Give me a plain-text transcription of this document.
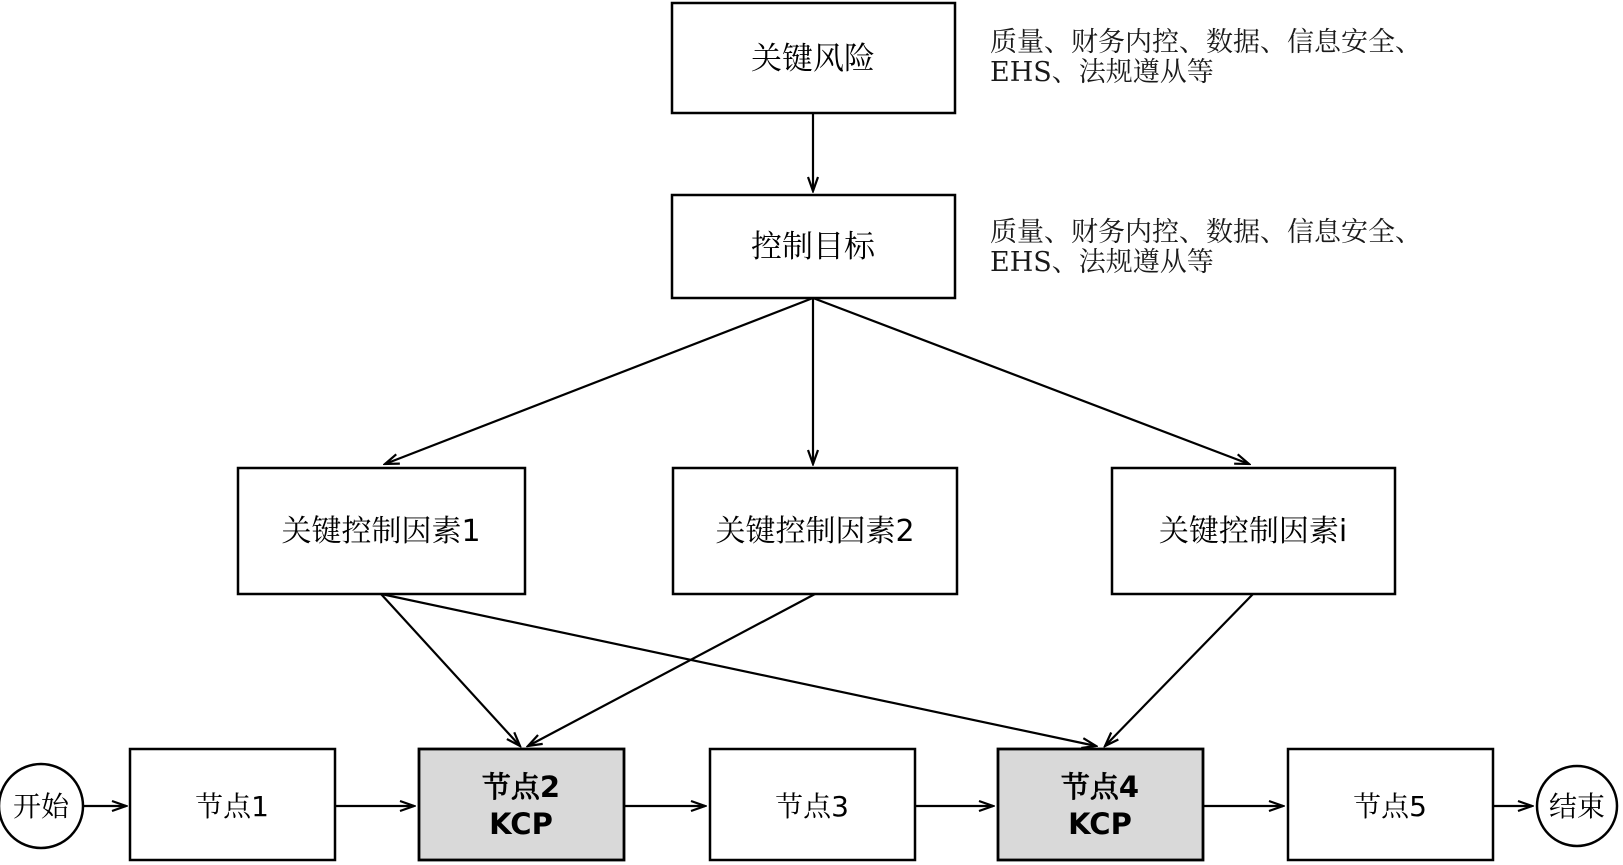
关键风险
控制目标
质量、财务内控、数据、信息安全、
EHS、法规遵从等
质量、财务内控、数据、信息安全、
EHS、法规遵从等
关键控制因素1	关键控制因素2	关键控制因素i
开始	节点1
节点2
KCP
节点3
节点4
KCP
节点5	结束
